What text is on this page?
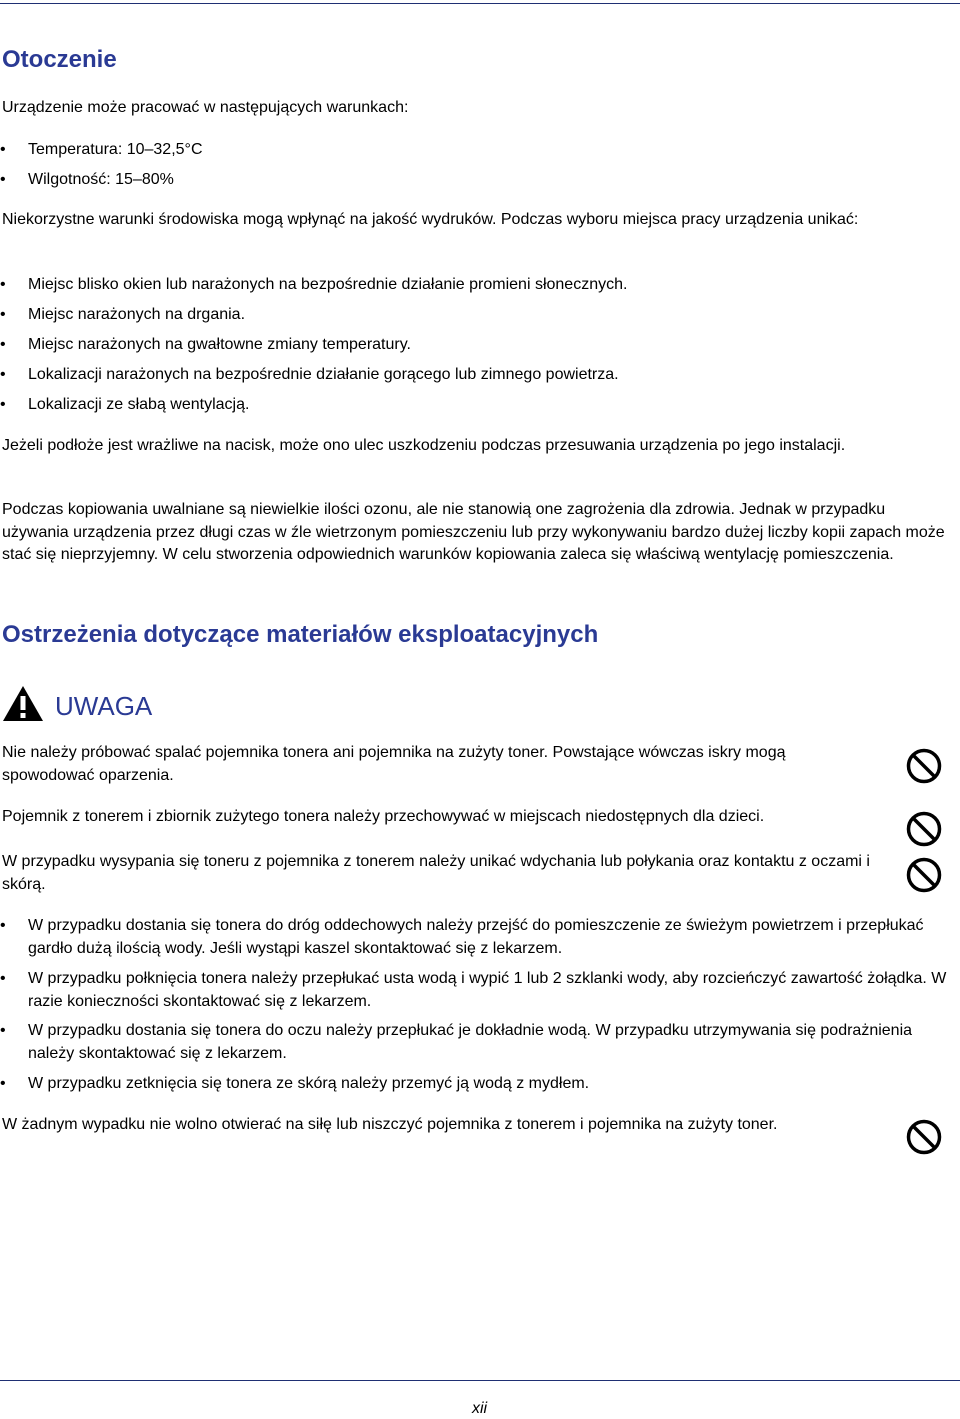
Otoczenie

Urządzenie może pracować w następujących warunkach:

• Temperatura: 10–32,5°C
• Wilgotność: 15–80%

Niekorzystne warunki środowiska mogą wpłynąć na jakość wydruków. Podczas wyboru miejsca pracy urządzenia unikać:

• Miejsc blisko okien lub narażonych na bezpośrednie działanie promieni słonecznych.
• Miejsc narażonych na drgania.
• Miejsc narażonych na gwałtowne zmiany temperatury.
• Lokalizacji narażonych na bezpośrednie działanie gorącego lub zimnego powietrza.
• Lokalizacji ze słabą wentylacją.

Jeżeli podłoże jest wrażliwe na nacisk, może ono ulec uszkodzeniu podczas przesuwania urządzenia po jego instalacji.

Podczas kopiowania uwalniane są niewielkie ilości ozonu, ale nie stanowią one zagrożenia dla zdrowia. Jednak w przypadku używania urządzenia przez długi czas w źle wietrzonym pomieszczeniu lub przy wykonywaniu bardzo dużej liczby kopii zapach może stać się nieprzyjemny. W celu stworzenia odpowiednich warunków kopiowania zaleca się właściwą wentylację pomieszczenia.

Ostrzeżenia dotyczące materiałów eksploatacyjnych
UWAGA

Nie należy próbować spalać pojemnika tonera ani pojemnika na zużyty toner. Powstające wówczas iskry mogą spowodować oparzenia.

Pojemnik z tonerem i zbiornik zużytego tonera należy przechowywać w miejscach niedostępnych dla dzieci.

W przypadku wysypania się toneru z pojemnika z tonerem należy unikać wdychania lub połykania oraz kontaktu z oczami i skórą.

• W przypadku dostania się tonera do dróg oddechowych należy przejść do pomieszczenie ze świeżym powietrzem i przepłukać gardło dużą ilością wody. Jeśli wystąpi kaszel skontaktować się z lekarzem.
• W przypadku połknięcia tonera należy przepłukać usta wodą i wypić 1 lub 2 szklanki wody, aby rozcieńczyć zawartość żołądka. W razie konieczności skontaktować się z lekarzem.
• W przypadku dostania się tonera do oczu należy przepłukać je dokładnie wodą. W przypadku utrzymywania się podrażnienia należy skontaktować się z lekarzem.
• W przypadku zetknięcia się tonera ze skórą należy przemyć ją wodą z mydłem.

W żadnym wypadku nie wolno otwierać na siłę lub niszczyć pojemnika z tonerem i pojemnika na zużyty toner.

xii
